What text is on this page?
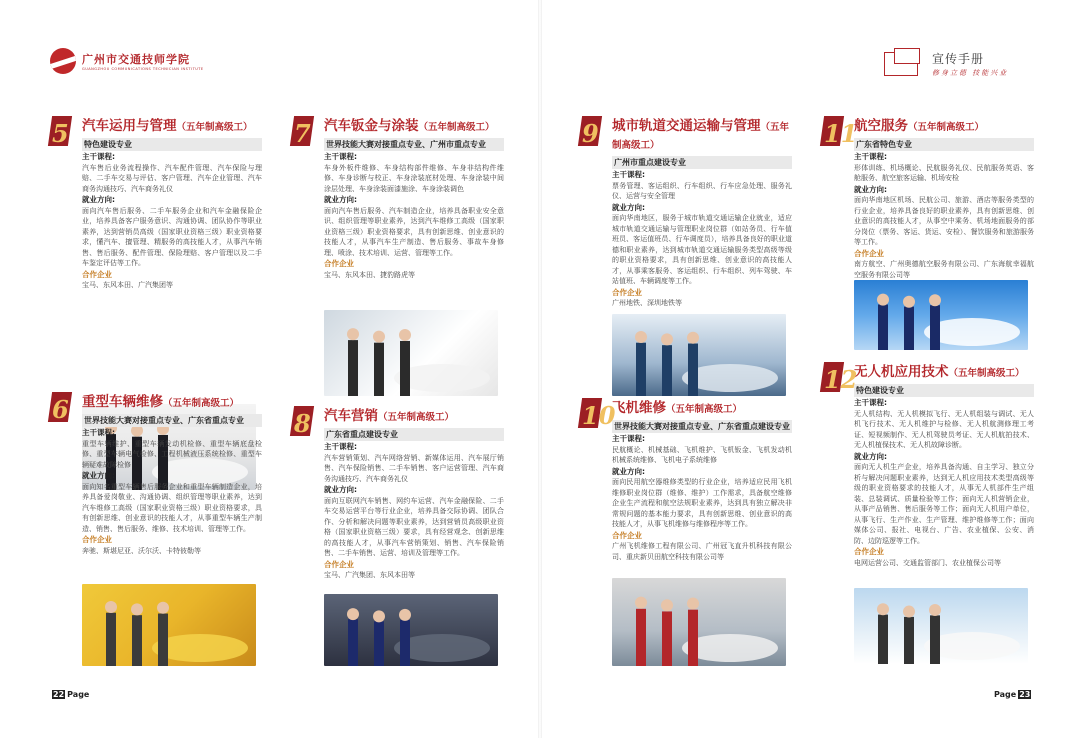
广州市交通技师学院
GUANGZHOU COMMUNICATIONS TECHNICIAN INSTITUTE
宣传手册
修身立德 技能兴业
5 汽车运用与管理（五年制高级工）
特色建设专业
主干课程:
汽车售后业务流程操作、汽车配件管理、汽车保险与理赔、二手车交易与评估、客户管理、汽车企业管理、汽车商务沟通技巧、汽车商务礼仪
就业方向:
面向汽车售后服务、二手车服务企业和汽车金融保险企业，培养具备客户服务意识、沟通协调、团队协作等职业素养，达到营销员高级（国家职业资格三级）职业资格要求，懂汽车、擅管理、精服务的高技能人才，从事汽车销售、售后服务、配件管理、保险理赔、客户管理以及二手车鉴定评估等工作。
合作企业
宝马、东风本田、广汽集团等
6 重型车辆维修（五年制高级工）
世界技能大赛对接重点专业、广东省重点专业
主干课程:
重型车辆维护、重型车辆发动机检修、重型车辆底盘检修、重型车辆电气检修、工程机械液压系统检修、重型车辆疑难故障检修
就业方向:
面向知名重型车辆售后服务企业和重型车辆制造企业，培养具备爱岗敬业、沟通协调、组织管理等职业素养，达到汽车维修工高级（国家职业资格三级）职业资格要求，具有创新思维、创业意识的技能人才，从事重型车辆生产制造、销售、售后服务、维修、技术培训、管理等工作。
合作企业
奔驰、斯堪尼亚、沃尔沃、卡特彼勒等
7 汽车钣金与涂装（五年制高级工）
世界技能大赛对接重点专业、广州市重点专业
主干课程:
车身外板件维修、车身结构部件维修、车身非结构件维修、车身诊断与校正、车身涂装底材处理、车身涂装中间涂层处理、车身涂装面漆施涂、车身涂装调色
就业方向:
面向汽车售后服务、汽车制造企业，培养具备职业安全意识、组织管理等职业素养，达到汽车维修工高级（国家职业资格三级）职业资格要求，具有创新思维、创业意识的技能人才，从事汽车生产制造、售后服务、事故车身修理、喷涂、技术培训、运营、管理等工作。
合作企业
宝马、东风本田、捷豹路虎等
8 汽车营销（五年制高级工）
广东省重点建设专业
主干课程:
汽车营销策划、汽车网络营销、新媒体运用、汽车展厅销售、汽车保险销售、二手车销售、客户运营管理、汽车商务沟通技巧、汽车商务礼仪
就业方向:
面向互联网汽车销售、网约车运营、汽车金融保险、二手车交易运营平台等行业企业，培养具备交际协调、团队合作、分析和解决问题等职业素养，达到营销员高级职业资格（国家职业资格三级）要求，具有经营观念、创新思维的高技能人才，从事汽车营销策划、销售、汽车保险销售、二手车销售、运营、培训及管理等工作。
合作企业
宝马、广汽集团、东风本田等
9 城市轨道交通运输与管理（五年制高级工）
广州市重点建设专业
主干课程:
票务管理、客运组织、行车组织、行车应急处理、服务礼仪、运营与安全管理
就业方向:
面向华南地区，服务于城市轨道交通运输企业就业，适应城市轨道交通运输与管理职业岗位群（如站务员、行车值班员、客运值班员、行车调度员），培养具备良好的职业道德和职业素养，达到城市轨道交通运输服务类型高级等级的职业资格要求，具有创新思维、创业意识的高技能人才，从事乘客服务、客运组织、行车组织、列车驾驶、车站值班、车辆调度等工作。
合作企业
广州地铁、深圳地铁等
10
飞机维修（五年制高级工）
世界技能大赛对接重点专业、广东省重点建设专业
主干课程:
民航概论、机械基础、飞机维护、飞机钣金、飞机发动机机械系统维修、飞机电子系统维修
就业方向:
面向民用航空器维修类型的行业企业，培养适应民用飞机维修职业岗位群（维修、维护）工作需求，具备航空维修企业生产流程和航空法规职业素养，达到具有独立解决非常规问题的基本能力要求，具有创新思维、创业意识的高技能人才，从事飞机维修与维修程序等工作。
合作企业
广州飞机维修工程有限公司、广州冠飞直升机科技有限公司、重庆新贝田航空科技有限公司等
11
航空服务（五年制高级工）
广东省特色专业
主干课程:
形体训练、机场概论、民航服务礼仪、民航服务英语、客舱服务、航空旅客运输、机场安检
就业方向:
面向华南地区机场、民航公司、旅游、酒店等服务类型的行业企业，培养具备良好的职业素养，具有创新思维、创业意识的高技能人才，从事空中乘务、机场地面服务的部分岗位（票务、客运、货运、安检）、餐饮服务和旅游服务等工作。
合作企业
南方航空、广州奥德航空服务有限公司、广东海航幸福航空服务有限公司等
12
无人机应用技术（五年制高级工）
特色建设专业
主干课程:
无人机结构、无人机模拟飞行、无人机组装与调试、无人机飞行技术、无人机维护与检修、无人机航测修理工考证、短视频制作、无人机驾驶员考证、无人机航拍技术、无人机植保技术、无人机故障诊断。
就业方向:
面向无人机生产企业，培养具备沟通、自主学习、独立分析与解决问题职业素养，达到无人机应用技术类型高级等级的职业资格要求的技能人才，从事无人机部件生产组装、总装调试、质量检验等工作；面向无人机营销企业，从事产品销售、售后服务等工作；面向无人机用户单位，从事飞行、生产作业、生产管理、维护维修等工作；面向媒体公司、报社、电视台、广告、农业植保、公安、消防、边防巡逻等工作。
合作企业
电网运营公司、交通监管部门、农业植保公司等
22 Page	Page 23
